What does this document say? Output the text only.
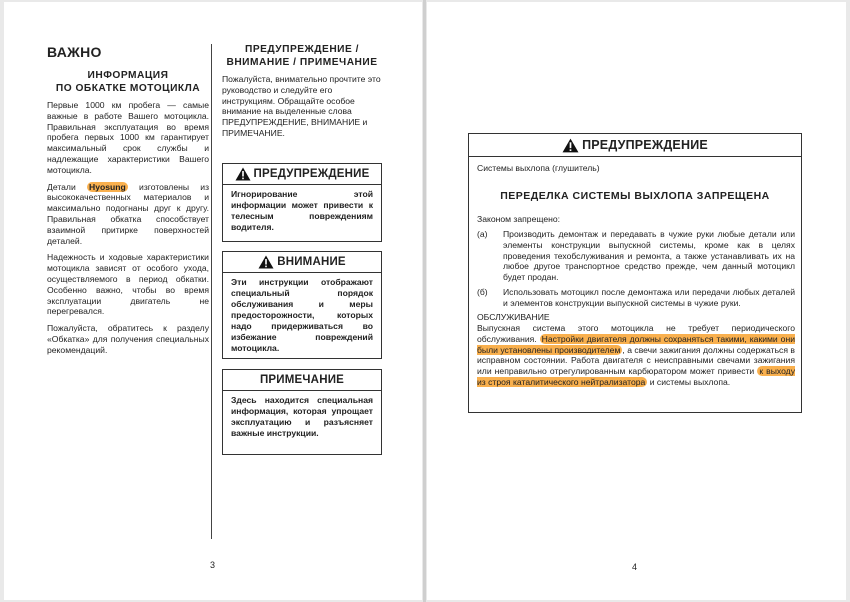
ВАЖНО
ИНФОРМАЦИЯ
ПО ОБКАТКЕ МОТОЦИКЛА

Первые 1000 км пробега — самые важные в работе Вашего мотоцикла. Правильная эксплуатация во время пробега первых 1000 км гарантирует максимальный срок службы и надлежащие характеристики Вашего мотоцикла.

Детали Hyosung изготовлены из высококачественных материалов и максимально подогнаны друг к другу. Правильная обкатка способствует взаимной притирке поверхностей деталей.

Надежность и ходовые характеристики мотоцикла зависят от особого ухода, осуществляемого в период обкатки. Особенно важно, чтобы во время эксплуатации двигатель не перегревался.

Пожалуйста, обратитесь к разделу «Обкатка» для получения специальных рекомендаций.

ПРЕДУПРЕЖДЕНИЕ /
ВНИМАНИЕ / ПРИМЕЧАНИЕ
Пожалуйста, внимательно прочтите это руководство и следуйте его инструкциям. Обращайте особое внимание на выделенные слова ПРЕДУПРЕЖДЕНИЕ, ВНИМАНИЕ и ПРИМЕЧАНИЕ.
ПРЕДУПРЕЖДЕНИЕ
Игнорирование этой информации может привести к телесным повреждениям водителя.
ВНИМАНИЕ
Эти инструкции отображают специальный порядок обслуживания и меры предосторожности, которых надо придерживаться во избежание повреждений мотоцикла.
ПРИМЕЧАНИЕ
Здесь находится специальная информация, которая упрощает эксплуатацию и разъясняет важные инструкции.
3
ПРЕДУПРЕЖДЕНИЕ
Системы выхлопа (глушитель)
ПЕРЕДЕЛКА СИСТЕМЫ ВЫХЛОПА ЗАПРЕЩЕНА
Законом запрещено:
(а) Производить демонтаж и передавать в чужие руки любые детали или элементы конструкции выпускной системы, кроме как в целях проведения техобслуживания и ремонта, а также устанавливать их на любое другое транспортное средство прежде, чем данный мотоцикл будет продан.
(б) Использовать мотоцикл после демонтажа или передачи любых деталей и элементов конструкции выпускной системы в чужие руки.
ОБСЛУЖИВАНИЕ
Выпускная система этого мотоцикла не требует периодического обслуживания. Настройки двигателя должны сохраняться такими, какими они были установлены производителем , а свечи зажигания должны содержаться в исправном состоянии. Работа двигателя с неисправными свечами зажигания или неправильно отрегулированным карбюратором может привести к выходу из строя каталитического нейтрализатора и системы выхлопа.
4
